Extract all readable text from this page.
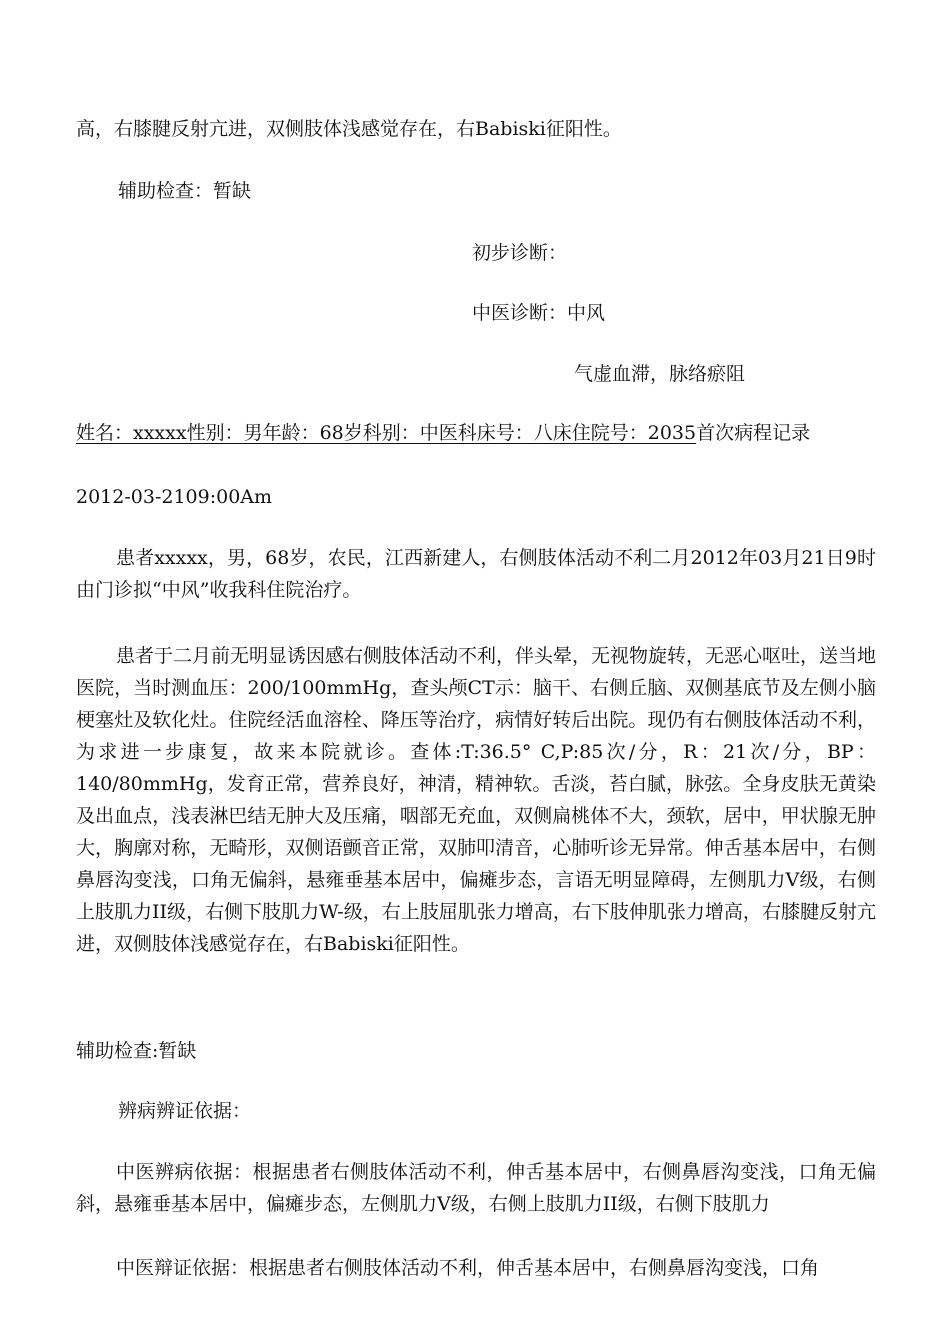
高，右膝腱反射亢进，双侧肢体浅感觉存在，右Babiski征阳性。
辅助检查：暂缺
初步诊断：
中医诊断：中风
气虚血滞，脉络瘀阻
姓名：xxxxx性别：男年龄：68岁科别：中医科床号：八床住院号：2035首次病程记录
2012-03-2109:00Am
患者xxxxx，男，68岁，农民，江西新建人，右侧肢体活动不利二月2012年03月21日9时由门诊拟“中风”收我科住院治疗。
患者于二月前无明显诱因感右侧肢体活动不利，伴头晕，无视物旋转，无恶心呕吐，送当地医院，当时测血压：200/100mmHg，查头颅CT示：脑干、右侧丘脑、双侧基底节及左侧小脑梗塞灶及软化灶。住院经活血溶栓、降压等治疗，病情好转后出院。现仍有右侧肢体活动不利，为求进一步康复，故来本院就诊。查体:T:36.5° C,P:85次/分，R：21次/分，BP：140/80mmHg，发育正常，营养良好，神清，精神软。舌淡，苔白腻，脉弦。全身皮肤无黄染及出血点，浅表淋巴结无肿大及压痛，咽部无充血，双侧扁桃体不大，颈软，居中，甲状腺无肿大，胸廓对称，无畸形，双侧语颤音正常，双肺叩清音，心肺听诊无异常。伸舌基本居中，右侧鼻唇沟变浅，口角无偏斜，悬雍垂基本居中，偏瘫步态，言语无明显障碍，左侧肌力Ⅴ级，右侧上肢肌力II级，右侧下肢肌力W-级，右上肢屈肌张力增高，右下肢伸肌张力增高，右膝腱反射亢进，双侧肢体浅感觉存在，右Babiski征阳性。
辅助检查:暂缺
辨病辨证依据：
中医辨病依据：根据患者右侧肢体活动不利，伸舌基本居中，右侧鼻唇沟变浅，口角无偏斜，悬雍垂基本居中，偏瘫步态，左侧肌力Ⅴ级，右侧上肢肌力II级，右侧下肢肌力
中医辩证依据：根据患者右侧肢体活动不利，伸舌基本居中，右侧鼻唇沟变浅，口角
